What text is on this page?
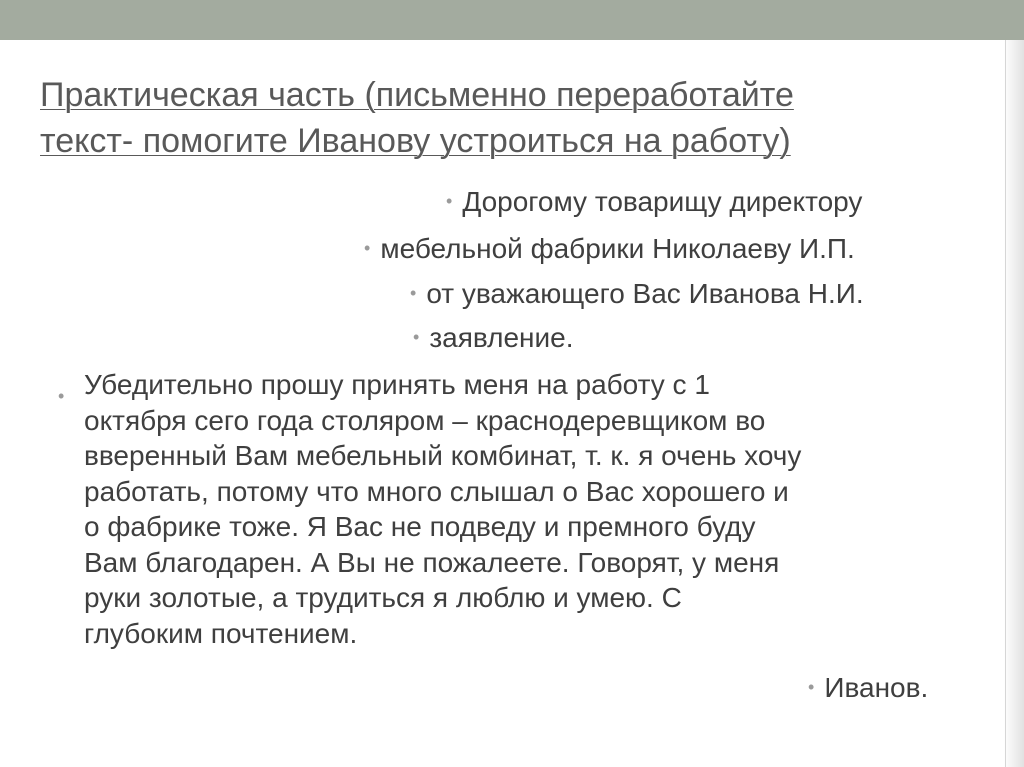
Практическая часть (письменно переработайте
текст- помогите Иванову устроиться на работу)
• Дорогому товарищу директору
• мебельной фабрики Николаеву И.П.
• от уважающего Вас Иванова Н.И.
• заявление.
• Убедительно прошу принять меня на работу с 1
октября сего года столяром – краснодеревщиком во
вверенный Вам мебельный комбинат, т. к. я очень хочу
работать, потому что много слышал о Вас хорошего и
о фабрике тоже. Я Вас не подведу и премного буду
Вам благодарен. А Вы не пожалеете. Говорят, у меня
руки золотые, а трудиться я люблю и умею. С
глубоким почтением.
• Иванов.
